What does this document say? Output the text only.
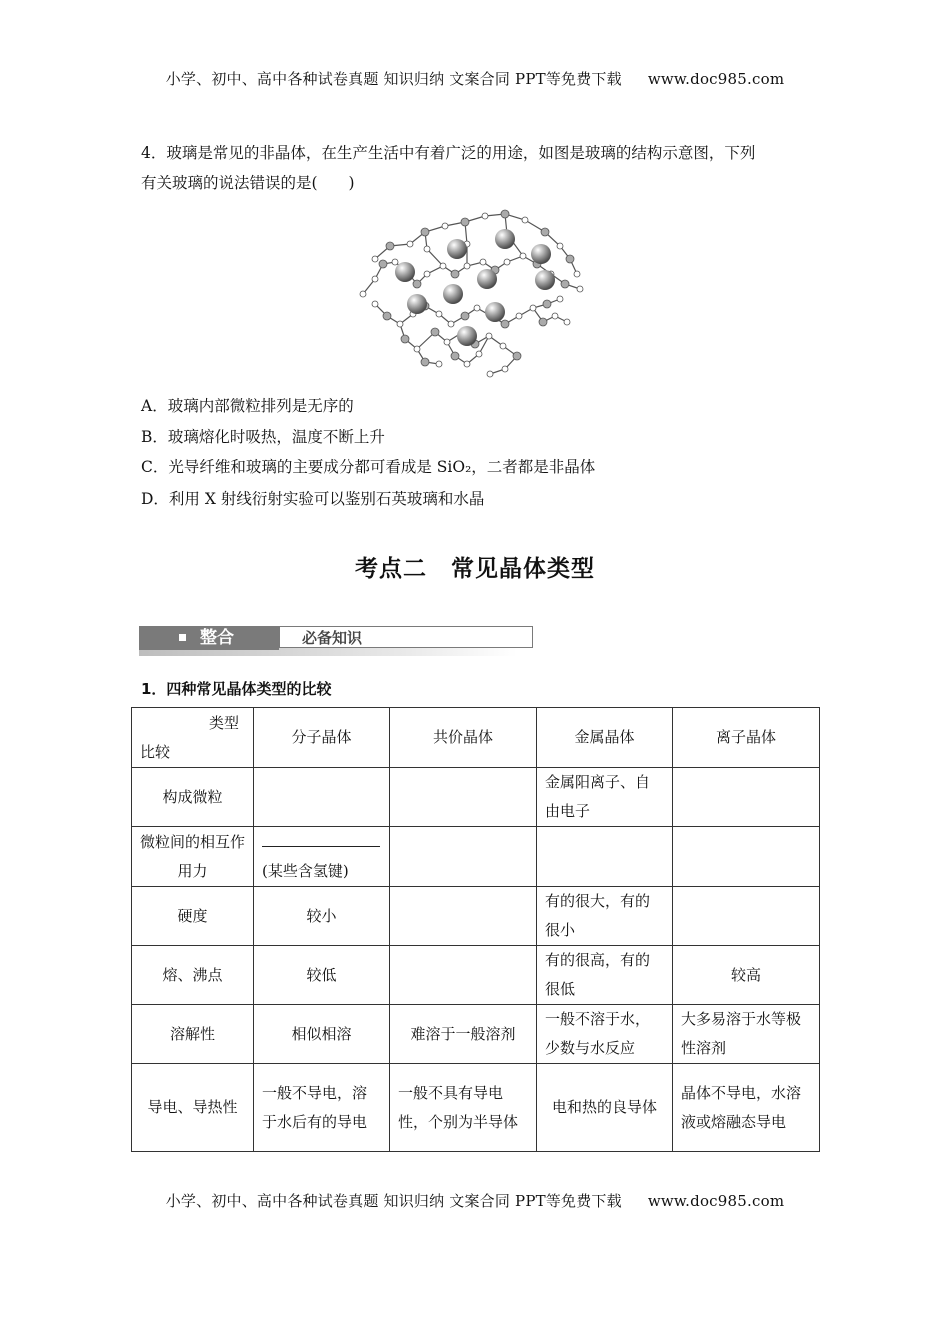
小学、初中、高中各种试卷真题 知识归纳 文案合同 PPT等免费下载 www.doc985.com

4．玻璃是常见的非晶体，在生产生活中有着广泛的用途，如图是玻璃的结构示意图，下列

有关玻璃的说法错误的是(　　)

A．玻璃内部微粒排列是无序的
B．玻璃熔化时吸热，温度不断上升
C．光导纤维和玻璃的主要成分都可看成是 SiO₂，二者都是非晶体
D．利用 X 射线衍射实验可以鉴别石英玻璃和水晶
考点二　常见晶体类型
整合	必备知识
1．四种常见晶体类型的比较
类型
比较	分子晶体	共价晶体	金属晶体	离子晶体
构成微粒			金属阳离子、自由电子	
微粒间的相互作用力	(某些含氢键)			
硬度	较小		有的很大，有的很小	
熔、沸点	较低		有的很高，有的很低	较高
溶解性	相似相溶	难溶于一般溶剂	一般不溶于水，少数与水反应	大多易溶于水等极性溶剂
导电、导热性	一般不导电，溶于水后有的导电	一般不具有导电性，个别为半导体	电和热的良导体	晶体不导电，水溶液或熔融态导电
小学、初中、高中各种试卷真题 知识归纳 文案合同 PPT等免费下载 www.doc985.com
